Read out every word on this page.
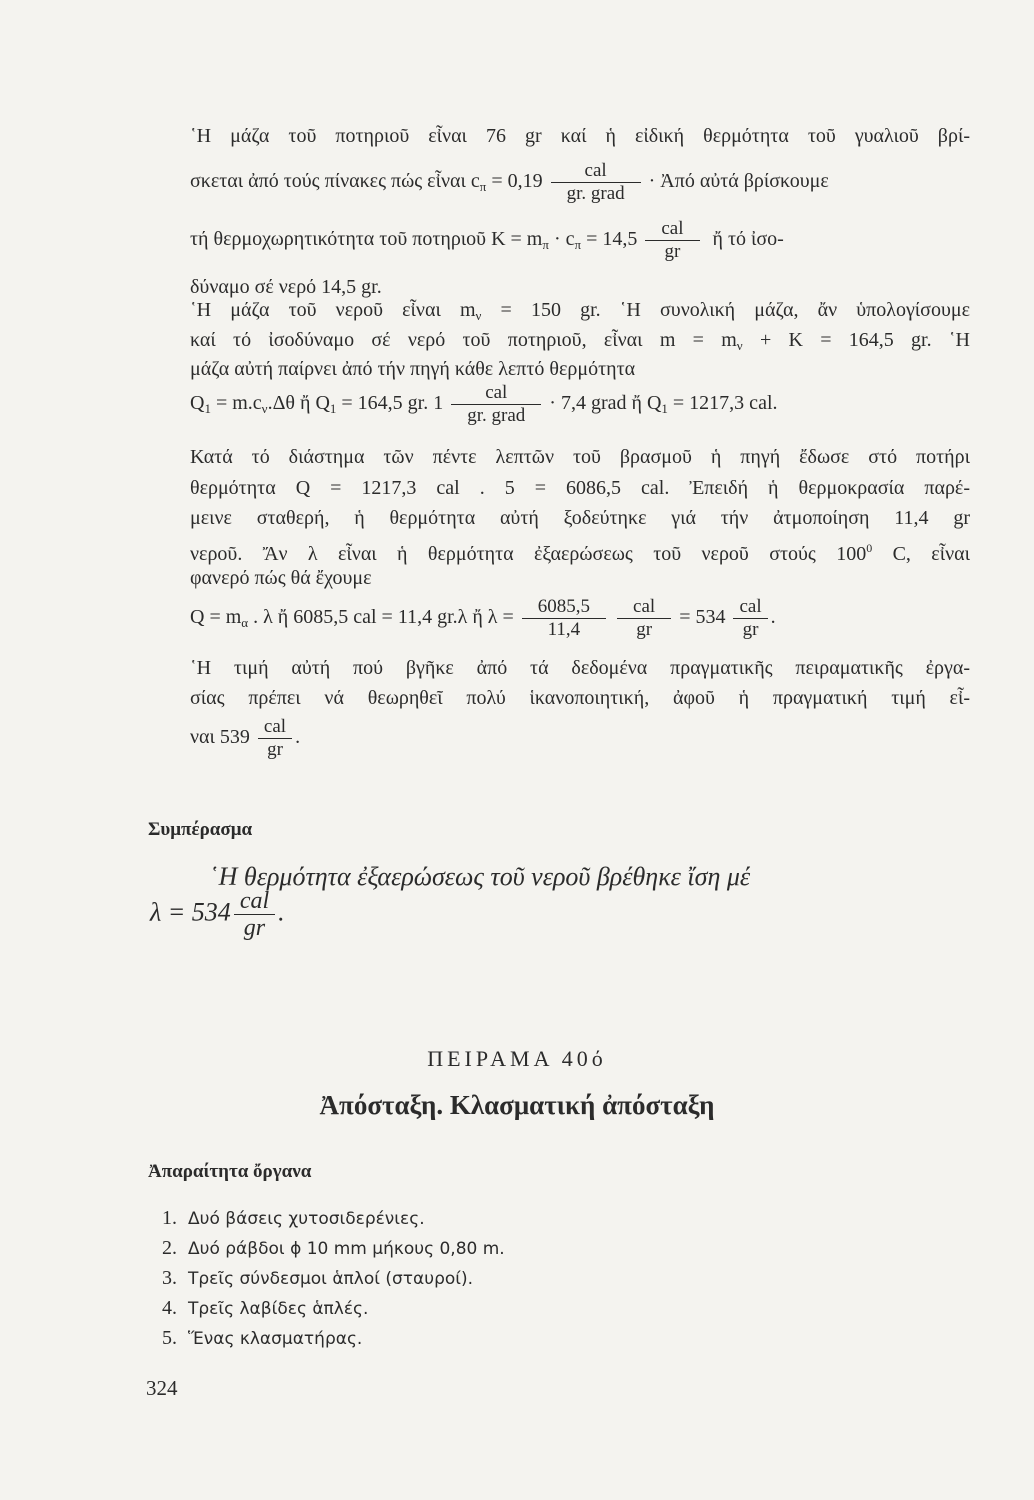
῾Η μάζα τοῦ ποτηριοῦ εἶναι 76 gr καί ἡ εἰδική θερμότητα τοῦ γυαλιοῦ βρί-
σκεται ἀπό τούς πίνακες πώς εἶναι $c_\pi = 0,19 \frac{\text{cal}}{\text{gr. grad}}$ · Ἀπό αὐτά βρίσκουμε
τή θερμοχωρητικότητα τοῦ ποτηριοῦ $K = m_\pi \cdot c_\pi = 14,5 \frac{\text{cal}}{gr}$ ἤ τό ἰσο-
δύναμο σέ νερό 14,5 gr.
῾Η μάζα τοῦ νεροῦ εἶναι $m_\nu = 150$ gr. ῾Η συνολική μάζα, ἄν ὑπολογίσουμε
καί τό ἰσοδύναμο σέ νερό τοῦ ποτηριοῦ, εἶναι $m = m_\nu + K = 164,5$ gr. ῾Η
μάζα αὐτή παίρνει ἀπό τήν πηγή κάθε λεπτό θερμότητα
$Q_1 = m.c_\nu.\Delta\theta$ ἤ $Q_1 = 164,5$ gr. $1 \frac{\text{cal}}{\text{gr. grad}} \cdot 7,4$ grad ἤ $Q_1 = 1217,3$ cal.
Κατά τό διάστημα τῶν πέντε λεπτῶν τοῦ βρασμοῦ ἡ πηγή ἔδωσε στό ποτήρι
θερμότητα Q = 1217,3 cal . 5 = 6086,5 cal. Ἐπειδή ἡ θερμοκρασία παρέ-
μεινε σταθερή, ἡ θερμότητα αὐτή ξοδεύτηκε γιά τήν ἀτμοποίηση 11,4 gr
νεροῦ. Ἄν λ εἶναι ἡ θερμότητα ἐξαερώσεως τοῦ νεροῦ στούς $100^0$ C, εἶναι
φανερό πώς θά ἔχουμε
$Q = m_\alpha$ . λ ἤ 6085,5 cal = 11,4 gr.λ ἤ $\lambda = \frac{6085,5}{11,4}$
$\frac{\text{cal}}{gr} = 534 \frac{\text{cal}}{gr}$ .
῾Η τιμή αὐτή πού βγῆκε ἀπό τά δεδομένα πραγματικῆς πειραματικῆς ἐργα-
σίας πρέπει νά θεωρηθεῖ πολύ ἱκανοποιητική, ἀφοῦ ἡ πραγματική τιμή εἶ-
ναι $539 \frac{\text{cal}}{gr}$ .
Συμπέρασμα
῾Η θερμότητα ἐξαερώσεως τοῦ νεροῦ βρέθηκε ἴση μέ
$\lambda = 534 \frac{\text{cal}}{gr}$ .
ΠΕΙΡΑΜΑ 40ό
Ἀπόσταξη. Κλασματική ἀπόσταξη
Ἀπαραίτητα ὄργανα
1. Δυό βάσεις χυτοσιδερένιες.
2. Δυό ράβδοι ϕ 10 mm μήκους 0,80 m.
3. Τρεῖς σύνδεσμοι ἁπλοί (σταυροί).
4. Τρεῖς λαβίδες ἁπλές.
5. Ἕνας κλασματήρας.
324
